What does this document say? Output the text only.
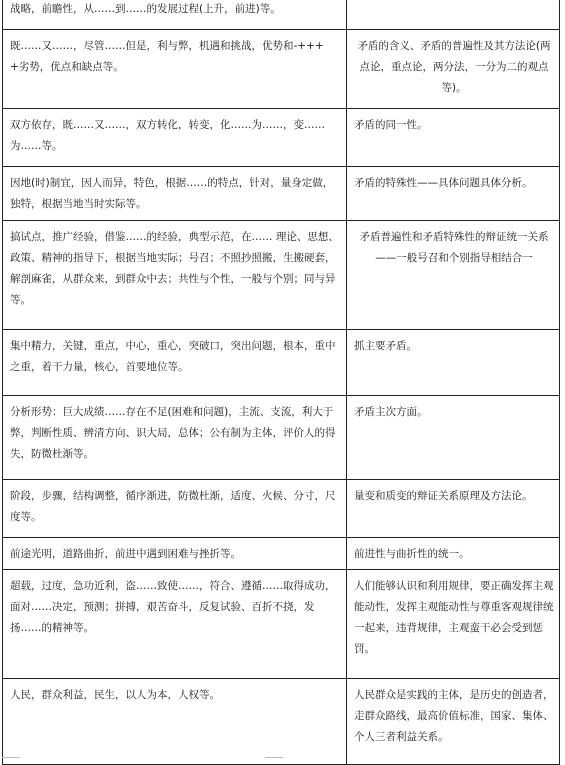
战略，前瞻性，从……到……的发展过程(上升，前进)等。	

既……又……，尽管……但是，利与弊，机遇和挑战，优势和-++++劣势，优点和缺点等。	矛盾的含义、矛盾的普遍性及其方法论(两点论，重点论，两分法，一分为二的观点等)。

双方依存，既……又……，双方转化，转变，化……为……，变……为……等。	矛盾的同一性。

因地(时)制宜，因人而异，特色，根据……的特点，针对，量身定做，独特，根据当地当时实际等。	矛盾的特殊性——具体问题具体分析。

搞试点，推广经验，借鉴……的经验，典型示范，在…… 理论、思想、政策、精神的指导下，根据当地实际；号召；不照抄照搬，生搬硬套，解剖麻雀，从群众来，到群众中去；共性与个性，一般与个别；同与异等。	矛盾普遍性和矛盾特殊性的辩证统一关系——一般号召和个别指导相结合一

集中精力，关键，重点，中心，重心，突破口，突出问题，根本，重中之重，着干力量，核心，首要地位等。	抓主要矛盾。

分析形势：巨大成绩……存在不足(困难和问题)，主流、支流，利大于弊，判断性质、辨清方向、识大局，总体；公有制为主体，评价人的得失，防微杜渐等。	矛盾主次方面。

阶段，步骤，结构调整，循序渐进，防微杜渐，适度、火候、分寸，尺度等。	量变和质变的辩证关系原理及方法论。

前途光明，道路曲折，前进中遇到困难与挫折等。	前进性与曲折性的统一。

超载，过度，急功近利，盗……致使……，符合、遵循……取得成功，面对……决定，预测；拼搏，艰苦奋斗，反复试验、百折不挠，发扬……的精神等。	人们能够认识和利用规律，要正确发挥主观能动性，发挥主观能动性与尊重客观规律统一起来，违背规律，主观蛮干必会受到惩罚。

人民，群众利益，民生，以人为本，人权等。	人民群众是实践的主体，是历史的创造者，走群众路线，最高价值标准，国家、集体、个人三者利益关系。
